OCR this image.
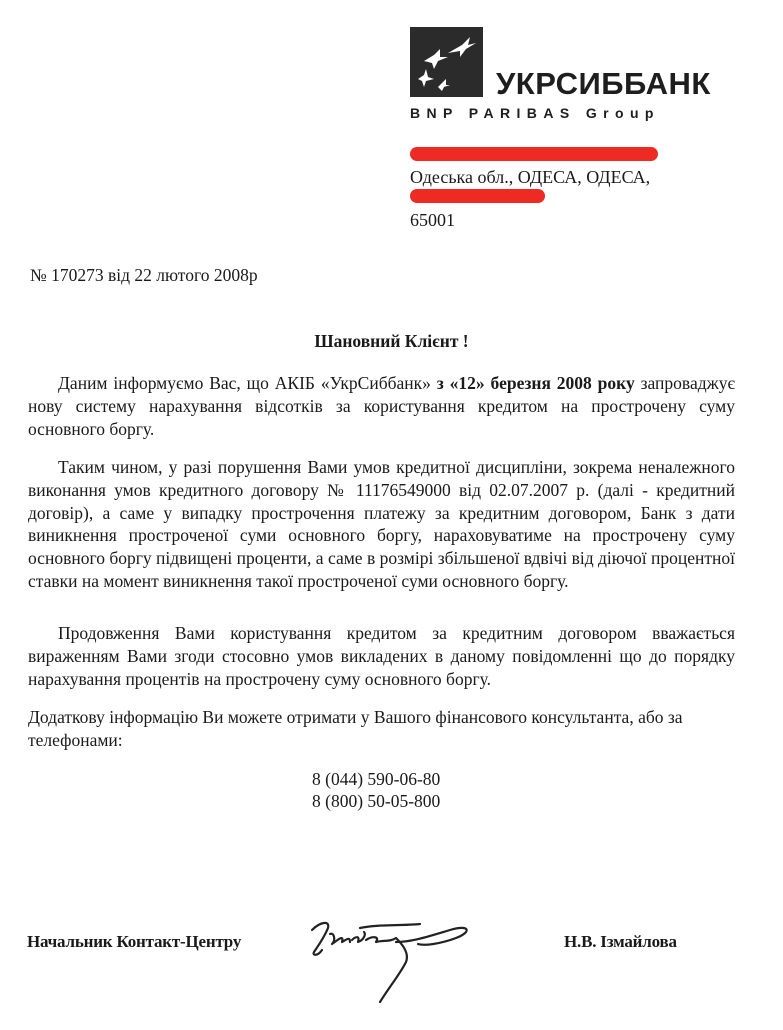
УКРСИББАНК
BNP PARIBAS Group
Одеська обл., ОДЕСА, ОДЕСА,
65001
№ 170273 від 22 лютого 2008р
Шановний Клієнт !

Даним інформуємо Вас, що АКІБ «УкрСиббанк» з «12» березня 2008 року запроваджує нову систему нарахування відсотків за користування кредитом на прострочену суму основного боргу.

Таким чином, у разі порушення Вами умов кредитної дисципліни, зокрема неналежного виконання умов кредитного договору № 11176549000 від 02.07.2007 р. (далі - кредитний договір), а саме у випадку прострочення платежу за кредитним договором, Банк з дати виникнення простроченої суми основного боргу, нараховуватиме на прострочену суму основного боргу підвищені проценти, а саме в розмірі збільшеної вдвічі від діючої процентної ставки на момент виникнення такої простроченої суми основного боргу.

Продовження Вами користування кредитом за кредитним договором вважається вираженням Вами згоди стосовно умов викладених в даному повідомленні що до порядку нарахування процентів на прострочену суму основного боргу.

Додаткову інформацію Ви можете отримати у Вашого фінансового консультанта, або за телефонами:

8 (044) 590-06-80
8 (800) 50-05-800
Начальник Контакт-Центру	Н.В. Ізмайлова
